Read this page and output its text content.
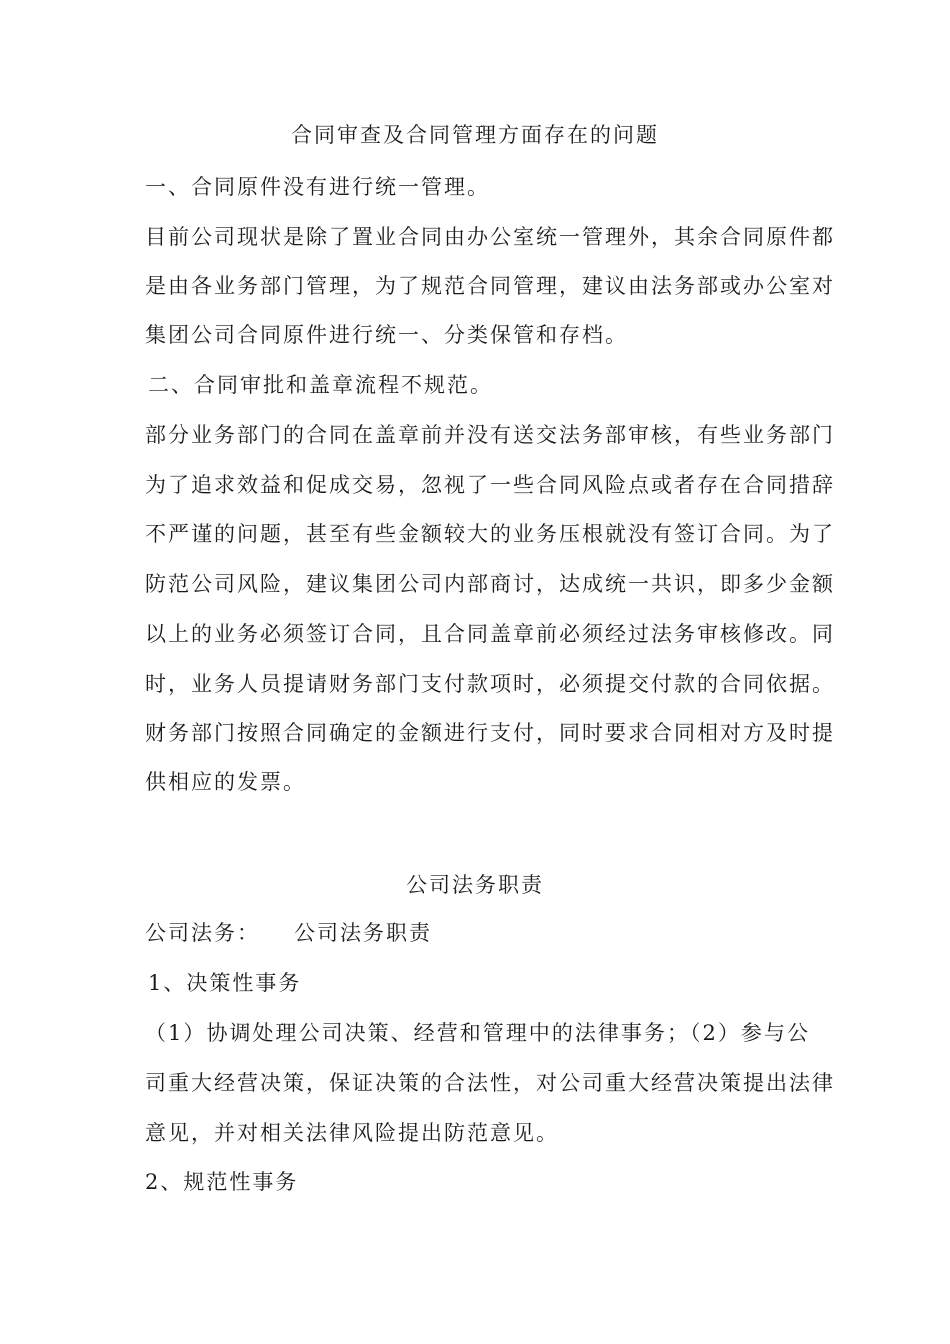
合同审查及合同管理方面存在的问题
一、合同原件没有进行统一管理。
目前公司现状是除了置业合同由办公室统一管理外，其余合同原件都
是由各业务部门管理，为了规范合同管理，建议由法务部或办公室对
集团公司合同原件进行统一、分类保管和存档。
二、合同审批和盖章流程不规范。
部分业务部门的合同在盖章前并没有送交法务部审核，有些业务部门
为了追求效益和促成交易，忽视了一些合同风险点或者存在合同措辞
不严谨的问题，甚至有些金额较大的业务压根就没有签订合同。为了
防范公司风险，建议集团公司内部商讨，达成统一共识，即多少金额
以上的业务必须签订合同，且合同盖章前必须经过法务审核修改。同
时，业务人员提请财务部门支付款项时，必须提交付款的合同依据。
财务部门按照合同确定的金额进行支付，同时要求合同相对方及时提
供相应的发票。
公司法务职责
公司法务： 公司法务职责
1、决策性事务
（1）协调处理公司决策、经营和管理中的法律事务；（2）参与公
司重大经营决策，保证决策的合法性，对公司重大经营决策提出法律
意见，并对相关法律风险提出防范意见。
2、规范性事务
